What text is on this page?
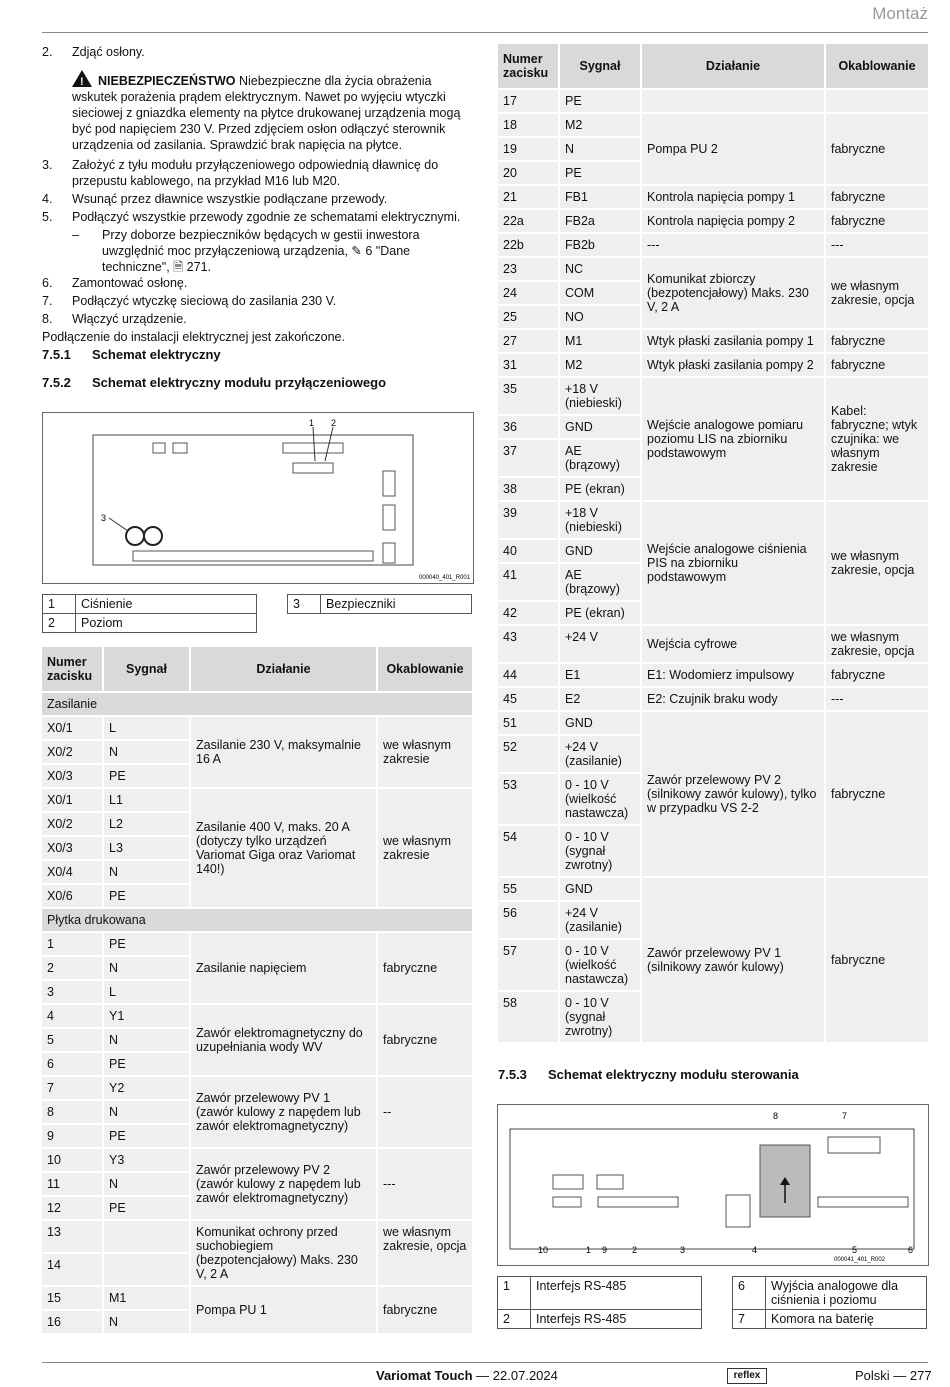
Montaż
2.	Zdjąć osłony.
! NIEBEZPIECZEŃSTWO Niebezpieczne dla życia obrażenia wskutek porażenia prądem elektrycznym. Nawet po wyjęciu wtyczki sieciowej z gniazdka elementy na płytce drukowanej urządzenia mogą być pod napięciem 230 V. Przed zdjęciem osłon odłączyć sterownik urządzenia od zasilania. Sprawdzić brak napięcia na płytce.
3.	Założyć z tyłu modułu przyłączeniowego odpowiednią dławnicę do przepustu kablowego, na przykład M16 lub M20.
4.	Wsunąć przez dławnice wszystkie podłączane przewody.
5.	Podłączyć wszystkie przewody zgodnie ze schematami elektrycznymi.
–	Przy doborze bezpieczników będących w gestii inwestora uwzględnić moc przyłączeniową urządzenia, ✎ 6 "Dane techniczne", 🗎 271.
6.	Zamontować osłonę.
7.	Podłączyć wtyczkę sieciową do zasilania 230 V.
8.	Włączyć urządzenie.
Podłączenie do instalacji elektrycznej jest zakończone.
7.5.1 Schemat elektryczny
7.5.2 Schemat elektryczny modułu przyłączeniowego
1 2
3
000040_401_R001
1	Ciśnienie		3	Bezpieczniki
2	Poziom			
Numer zacisku	Sygnał	Działanie	Okablowanie
Zasilanie			
X0/1	L	Zasilanie 230 V, maksymalnie 16 A	we własnym zakresie
X0/2	N		
X0/3	PE		
X0/1	L1	Zasilanie 400 V, maks. 20 A (dotyczy tylko urządzeń Variomat Giga oraz Variomat 140!)	we własnym zakresie
X0/2	L2		
X0/3	L3		
X0/4	N		
X0/6	PE		
Płytka drukowana			
1	PE	Zasilanie napięciem	fabryczne
2	N		
3	L		
4	Y1	Zawór elektromagnetyczny do uzupełniania wody WV	fabryczne
5	N		
6	PE		
7	Y2	Zawór przelewowy PV 1 (zawór kulowy z napędem lub zawór elektromagnetyczny)	--
8	N		
9	PE		
10	Y3	Zawór przelewowy PV 2 (zawór kulowy z napędem lub zawór elektromagnetyczny)	---
11	N		
12	PE		
13		Komunikat ochrony przed suchobiegiem (bezpotencjałowy) Maks. 230 V, 2 A	we własnym zakresie, opcja
14			
15	M1	Pompa PU 1	fabryczne
16	N		
Numer zacisku	Sygnał	Działanie	Okablowanie
17	PE		
18	M2	Pompa PU 2	fabryczne
19	N		
20	PE		
21	FB1	Kontrola napięcia pompy 1	fabryczne
22a	FB2a	Kontrola napięcia pompy 2	fabryczne
22b	FB2b	---	---
23	NC	Komunikat zbiorczy (bezpotencjałowy) Maks. 230 V, 2 A	we własnym zakresie, opcja
24	COM		
25	NO		
27	M1	Wtyk płaski zasilania pompy 1	fabryczne
31	M2	Wtyk płaski zasilania pompy 2	fabryczne
35	+18 V (niebieski)	Wejście analogowe pomiaru poziomu LIS na zbiorniku podstawowym	Kabel: fabryczne; wtyk czujnika: we własnym zakresie
36	GND		
37	AE (brązowy)		
38	PE (ekran)		
39	+18 V (niebieski)	Wejście analogowe ciśnienia PIS na zbiorniku podstawowym	we własnym zakresie, opcja
40	GND		
41	AE (brązowy)		
42	PE (ekran)		
43	+24 V	Wejścia cyfrowe	we własnym zakresie, opcja
44	E1	E1: Wodomierz impulsowy	fabryczne
45	E2	E2: Czujnik braku wody	---
51	GND	Zawór przelewowy PV 2 (silnikowy zawór kulowy), tylko w przypadku VS 2-2	fabryczne
52	+24 V (zasilanie)		
53	0 - 10 V (wielkość nastawcza)		
54	0 - 10 V (sygnał zwrotny)		
55	GND	Zawór przelewowy PV 1 (silnikowy zawór kulowy)	fabryczne
56	+24 V (zasilanie)		
57	0 - 10 V (wielkość nastawcza)		
58	0 - 10 V (sygnał zwrotny)		
7.5.3 Schemat elektryczny modułu sterowania
8	7
10	1 9	2	3	4	5	6
000041_401_R002
1	Interfejs RS-485		6	Wyjścia analogowe dla ciśnienia i poziomu
2	Interfejs RS-485		7	Komora na baterię
Variomat Touch — 22.07.2024	reflex	Polski — 277
